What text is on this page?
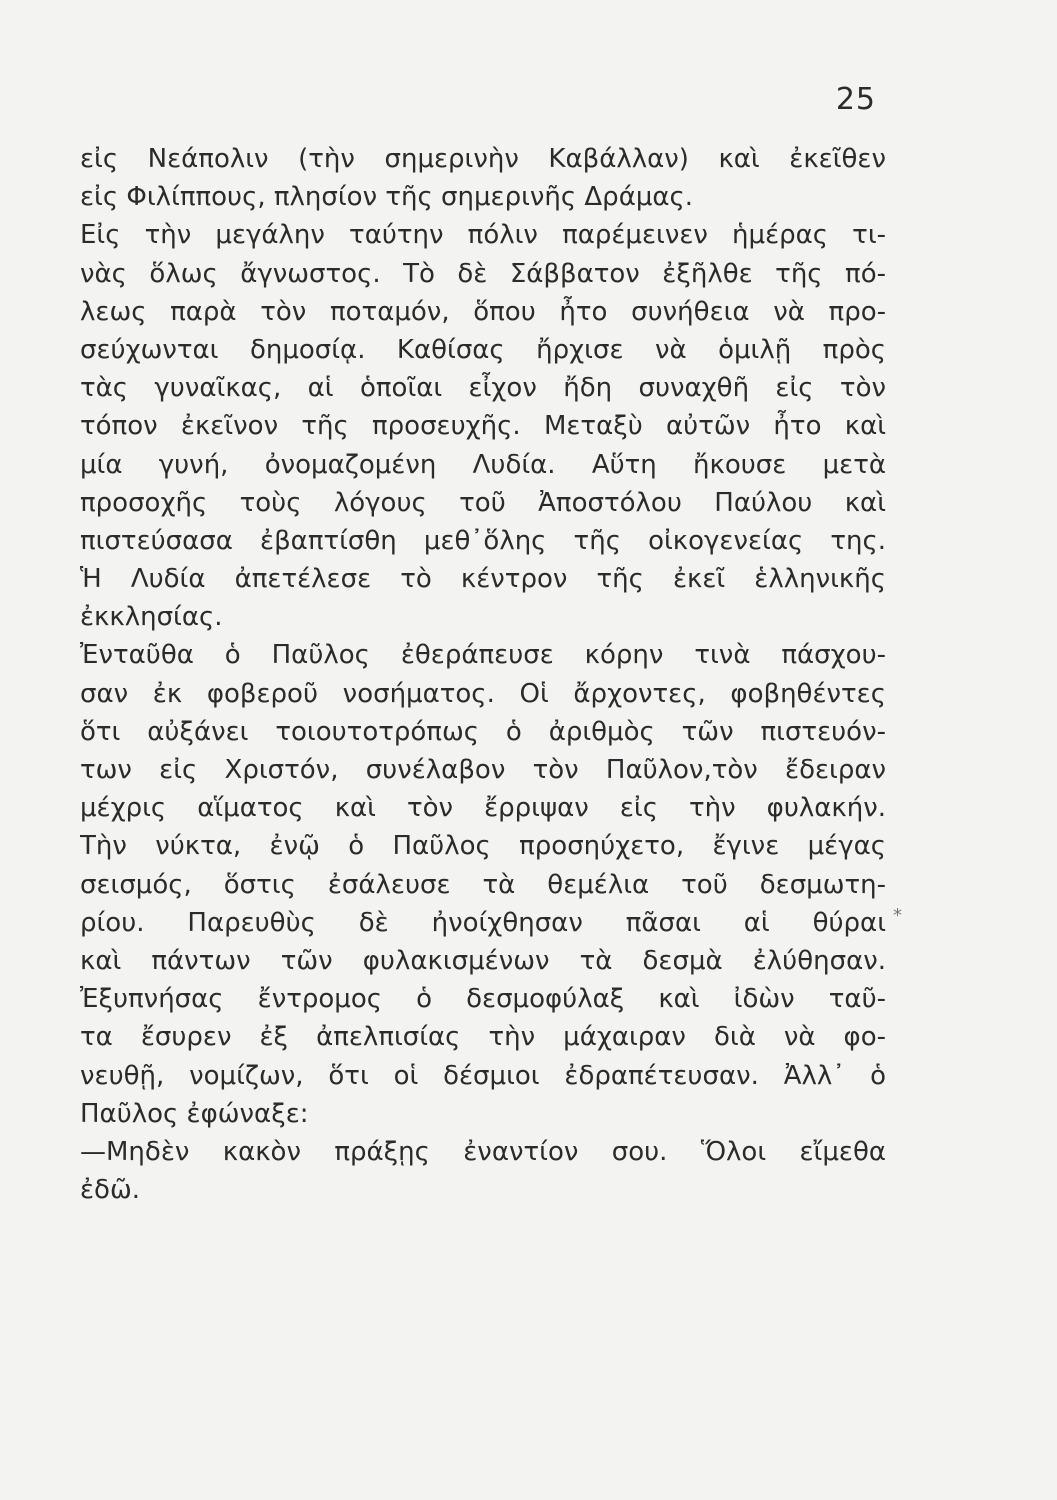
25
εἰς Νεάπολιν (τὴν σημερινὴν Καβάλλαν) καὶ ἐκεῖθεν
εἰς Φιλίππους, πλησίον τῆς σημερινῆς Δράμας.
Εἰς τὴν μεγάλην ταύτην πόλιν παρέμεινεν ἡμέρας τι-
νὰς ὅλως ἄγνωστος. Τὸ δὲ Σάββατον ἐξῆλθε τῆς πό-
λεως παρὰ τὸν ποταμόν, ὅπου ἦτο συνήθεια νὰ προ-
σεύχωνται δημοσίᾳ. Καθίσας ἤρχισε νὰ ὁμιλῇ πρὸς
τὰς γυναῖκας, αἱ ὁποῖαι εἶχον ἤδη συναχθῆ εἰς τὸν
τόπον ἐκεῖνον τῆς προσευχῆς. Μεταξὺ αὐτῶν ἦτο καὶ
μία γυνή, ὀνομαζομένη Λυδία. Αὕτη ἤκουσε μετὰ
προσοχῆς τοὺς λόγους τοῦ Ἀποστόλου Παύλου καὶ
πιστεύσασα ἐβαπτίσθη μεθ᾽ὅλης τῆς οἰκογενείας της.
Ἡ Λυδία ἀπετέλεσε τὸ κέντρον τῆς ἐκεῖ ἑλληνικῆς
ἐκκλησίας.
Ἐνταῦθα ὁ Παῦλος ἐθεράπευσε κόρην τινὰ πάσχου-
σαν ἐκ φοβεροῦ νοσήματος. Οἱ ἄρχοντες, φοβηθέντες
ὅτι αὐξάνει τοιουτοτρόπως ὁ ἀριθμὸς τῶν πιστευόν-
των εἰς Χριστόν, συνέλαβον τὸν Παῦλον,τὸν ἔδειραν
μέχρις αἵματος καὶ τὸν ἔρριψαν εἰς τὴν φυλακήν.
Τὴν νύκτα, ἐνῷ ὁ Παῦλος προσηύχετο, ἔγινε μέγας
σεισμός, ὅστις ἐσάλευσε τὰ θεμέλια τοῦ δεσμωτη-
ρίου. Παρευθὺς δὲ ἠνοίχθησαν πᾶσαι αἱ θύραι
καὶ πάντων τῶν φυλακισμένων τὰ δεσμὰ ἐλύθησαν.
Ἐξυπνήσας ἔντρομος ὁ δεσμοφύλαξ καὶ ἰδὼν ταῦ-
τα ἔσυρεν ἐξ ἀπελπισίας τὴν μάχαιραν διὰ νὰ φο-
νευθῇ, νομίζων, ὅτι οἱ δέσμιοι ἐδραπέτευσαν. Ἀλλ᾽ ὁ
Παῦλος ἐφώναξε:
—Μηδὲν κακὸν πράξῃς ἐναντίον σου. Ὅλοι εἴμεθα
ἐδῶ.
*
